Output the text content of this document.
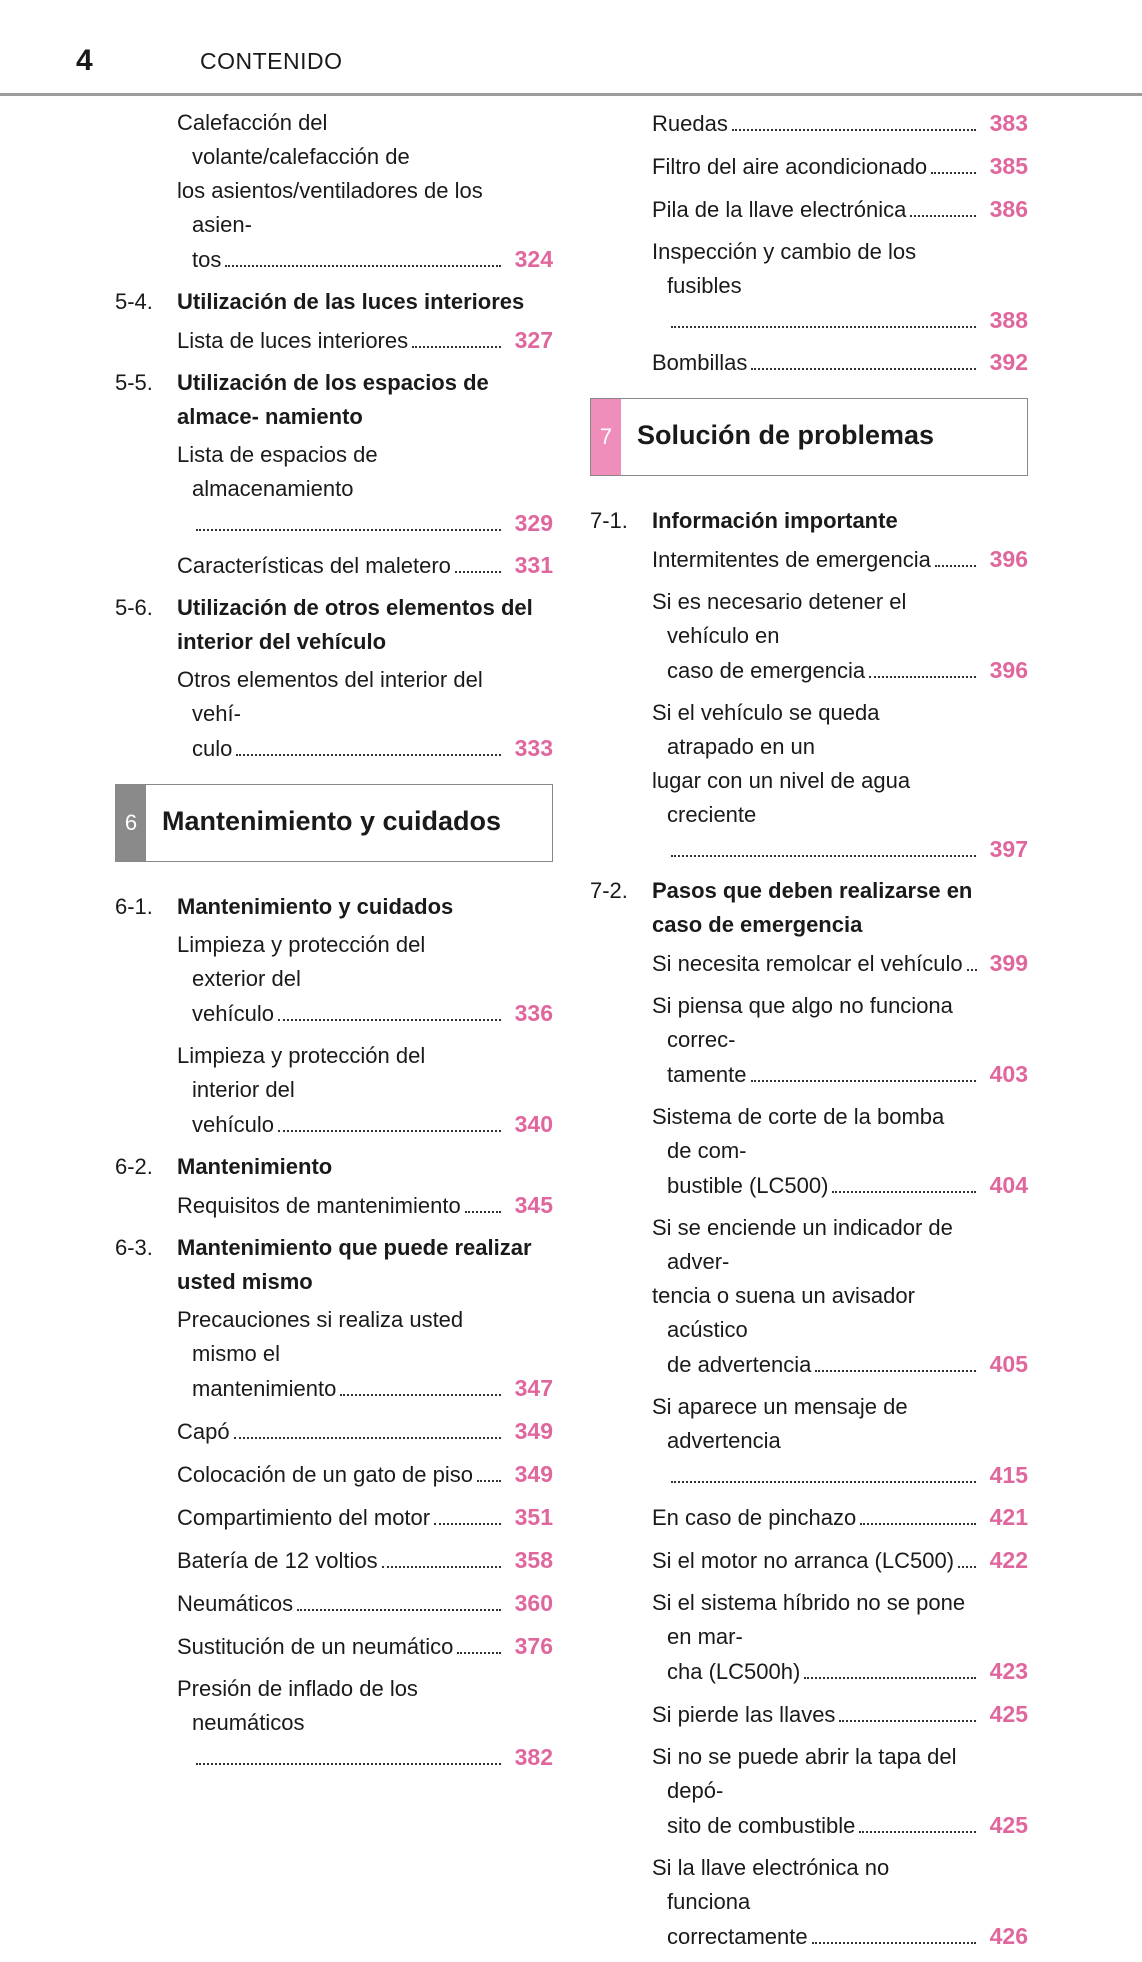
4	CONTENIDO
Calefacción del volante/calefacción de
los asientos/ventiladores de los asien-
tos	324
5-4. Utilización de las luces interiores
Lista de luces interiores	327
5-5. Utilización de los espacios de almace- namiento
Lista de espacios de almacenamiento
329
Características del maletero	331
5-6. Utilización de otros elementos del interior del vehículo
Otros elementos del interior del vehí-
culo	333
6 Mantenimiento y cuidados
6-1. Mantenimiento y cuidados
Limpieza y protección del exterior del
vehículo	336
Limpieza y protección del interior del
vehículo	340
6-2. Mantenimiento
Requisitos de mantenimiento	345
6-3. Mantenimiento que puede realizar usted mismo
Precauciones si realiza usted mismo el
mantenimiento	347
Capó	349
Colocación de un gato de piso	349
Compartimiento del motor	351
Batería de 12 voltios	358
Neumáticos	360
Sustitución de un neumático	376
Presión de inflado de los neumáticos
382
Ruedas	383
Filtro del aire acondicionado	385
Pila de la llave electrónica	386
Inspección y cambio de los fusibles
388
Bombillas	392
7 Solución de problemas
7-1. Información importante
Intermitentes de emergencia	396
Si es necesario detener el vehículo en
caso de emergencia	396
Si el vehículo se queda atrapado en un
lugar con un nivel de agua creciente
397
7-2. Pasos que deben realizarse en caso de emergencia
Si necesita remolcar el vehículo	399
Si piensa que algo no funciona correc-
tamente	403
Sistema de corte de la bomba de com-
bustible (LC500)	404
Si se enciende un indicador de adver-
tencia o suena un avisador acústico
de advertencia	405
Si aparece un mensaje de advertencia
415
En caso de pinchazo	421
Si el motor no arranca (LC500)	422
Si el sistema híbrido no se pone en mar-
cha (LC500h)	423
Si pierde las llaves	425
Si no se puede abrir la tapa del depó-
sito de combustible	425
Si la llave electrónica no funciona
correctamente	426
